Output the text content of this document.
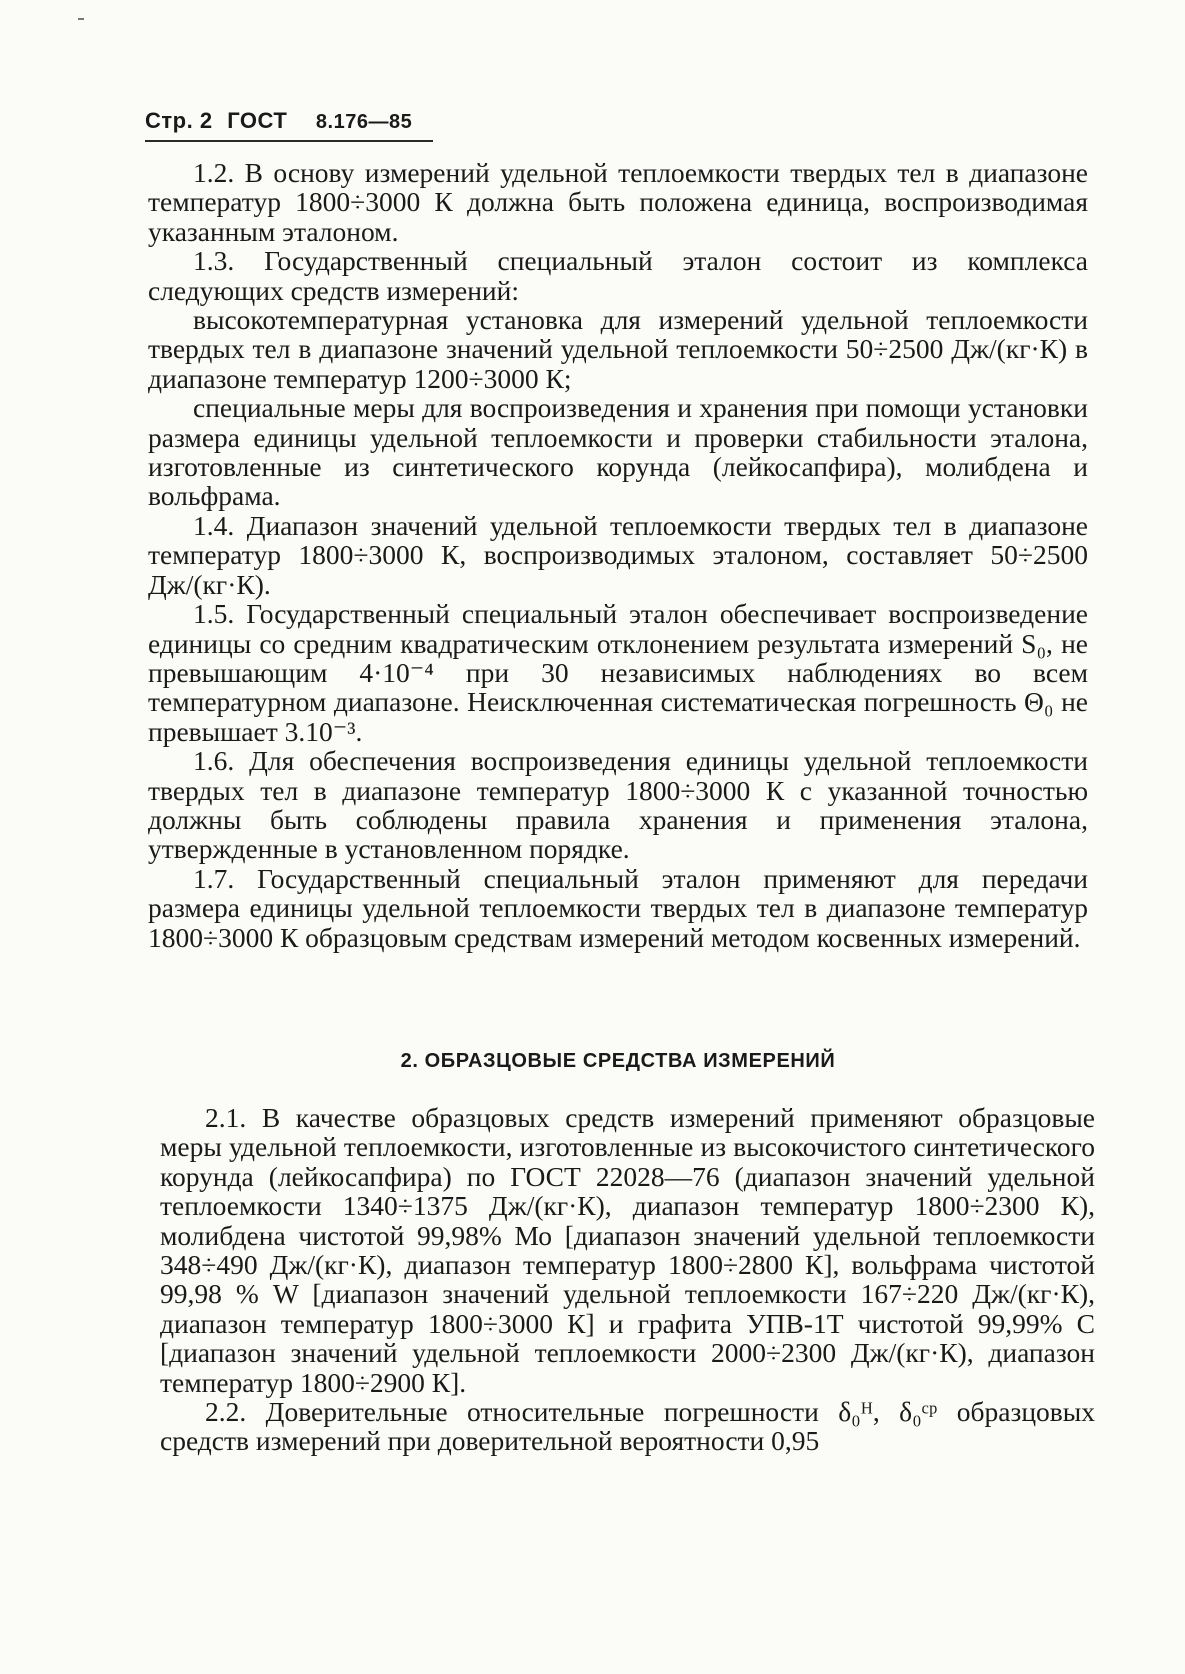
Стр. 2 ГОСТ 8.176—85

1.2. В основу измерений удельной теплоемкости твердых тел в диапазоне температур 1800÷3000 К должна быть положена единица, воспроизводимая указанным эталоном.

1.3. Государственный специальный эталон состоит из комплекса следующих средств измерений:

высокотемпературная установка для измерений удельной теплоемкости твердых тел в диапазоне значений удельной теплоемкости 50÷2500 Дж/(кг·К) в диапазоне температур 1200÷3000 К;

специальные меры для воспроизведения и хранения при помощи установки размера единицы удельной теплоемкости и проверки стабильности эталона, изготовленные из синтетического корунда (лейкосапфира), молибдена и вольфрама.

1.4. Диапазон значений удельной теплоемкости твердых тел в диапазоне температур 1800÷3000 К, воспроизводимых эталоном, составляет 50÷2500 Дж/(кг·К).

1.5. Государственный специальный эталон обеспечивает воспроизведение единицы со средним квадратическим отклонением результата измерений S₀, не превышающим 4·10⁻⁴ при 30 независимых наблюдениях во всем температурном диапазоне. Неисключенная систематическая погрешность Θ₀ не превышает 3.10⁻³.

1.6. Для обеспечения воспроизведения единицы удельной теплоемкости твердых тел в диапазоне температур 1800÷3000 К с указанной точностью должны быть соблюдены правила хранения и применения эталона, утвержденные в установленном порядке.

1.7. Государственный специальный эталон применяют для передачи размера единицы удельной теплоемкости твердых тел в диапазоне температур 1800÷3000 К образцовым средствам измерений методом косвенных измерений.

2. ОБРАЗЦОВЫЕ СРЕДСТВА ИЗМЕРЕНИЙ

2.1. В качестве образцовых средств измерений применяют образцовые меры удельной теплоемкости, изготовленные из высокочистого синтетического корунда (лейкосапфира) по ГОСТ 22028—76 (диапазон значений удельной теплоемкости 1340÷1375 Дж/(кг·К), диапазон температур 1800÷2300 К), молибдена чистотой 99,98% Мо [диапазон значений удельной теплоемкости 348÷490 Дж/(кг·К), диапазон температур 1800÷2800 К], вольфрама чистотой 99,98 % W [диапазон значений удельной теплоемкости 167÷220 Дж/(кг·К), диапазон температур 1800÷3000 К] и графита УПВ-1Т чистотой 99,99% С [диапазон значений удельной теплоемкости 2000÷2300 Дж/(кг·К), диапазон температур 1800÷2900 К].

2.2. Доверительные относительные погрешности δ₀ᴴ, δ₀ᶜᵖ образцовых средств измерений при доверительной вероятности 0,95
